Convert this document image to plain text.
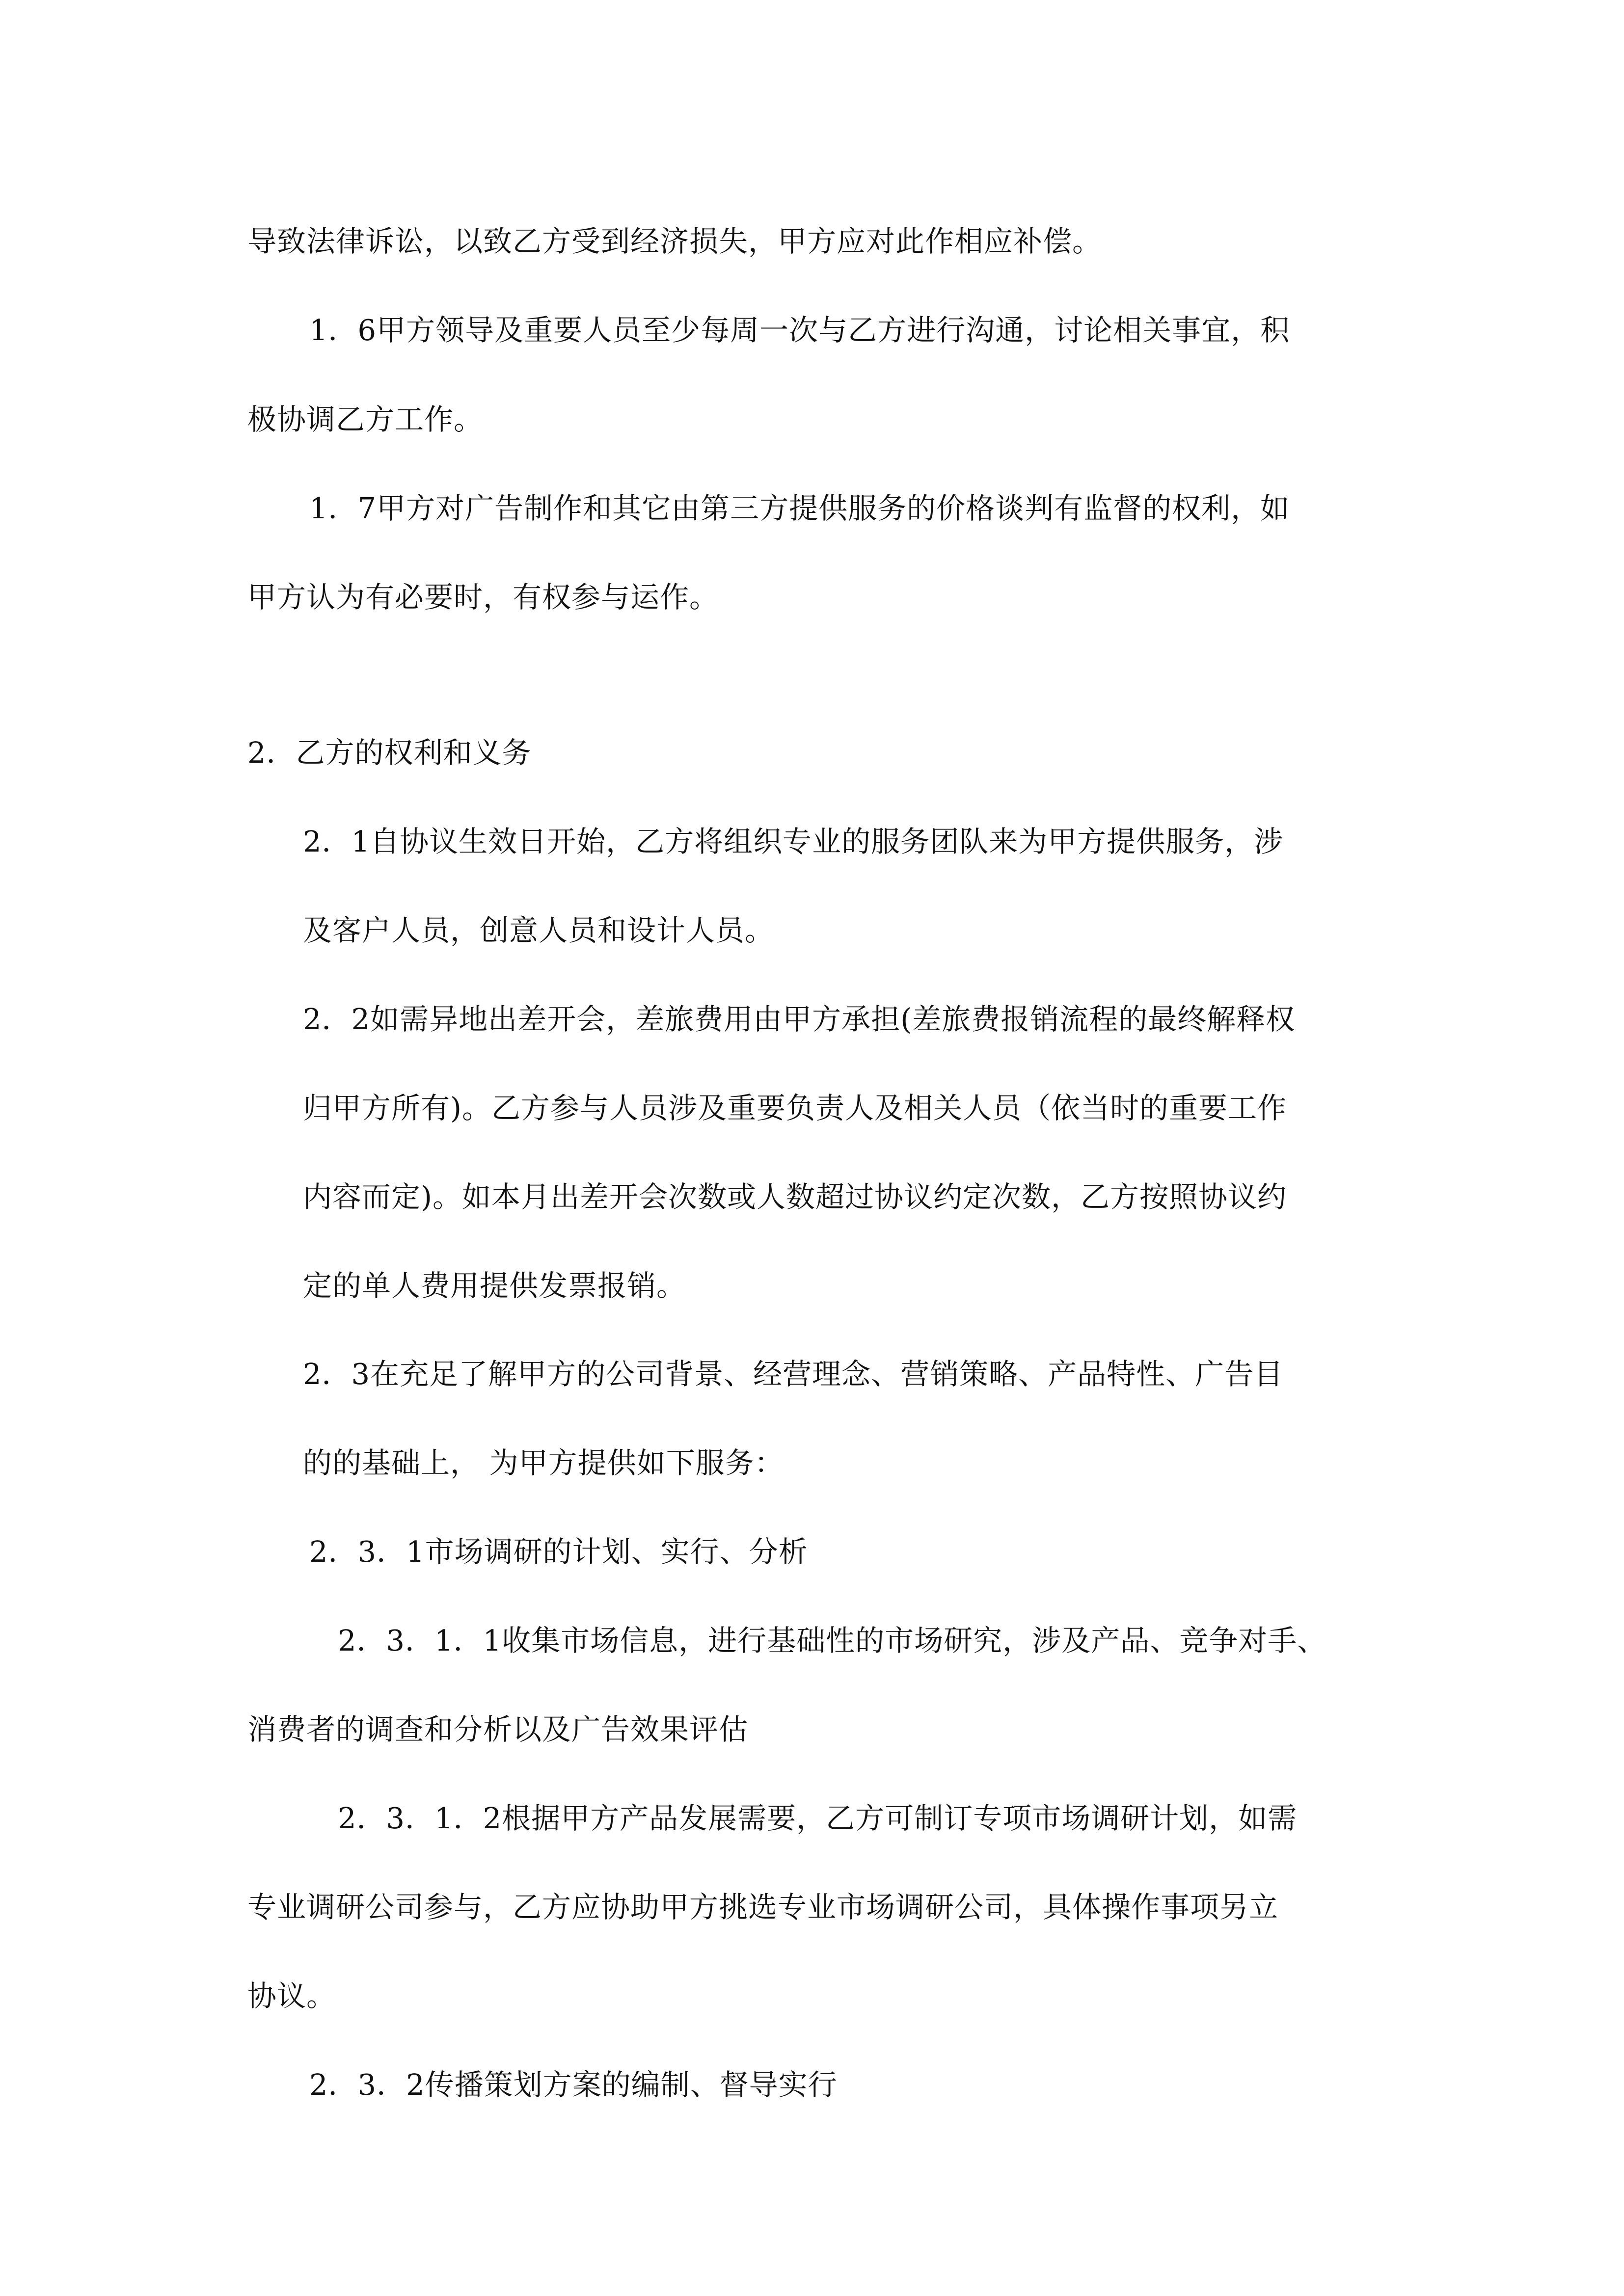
导致法律诉讼，以致乙方受到经济损失，甲方应对此作相应补偿。
1．6甲方领导及重要人员至少每周一次与乙方进行沟通，讨论相关事宜，积
极协调乙方工作。
1．7甲方对广告制作和其它由第三方提供服务的价格谈判有监督的权利，如
甲方认为有必要时，有权参与运作。
2．乙方的权利和义务
2．1自协议生效日开始，乙方将组织专业的服务团队来为甲方提供服务，涉
及客户人员，创意人员和设计人员。
2．2如需异地出差开会，差旅费用由甲方承担(差旅费报销流程的最终解释权
归甲方所有)。乙方参与人员涉及重要负责人及相关人员（依当时的重要工作
内容而定)。如本月出差开会次数或人数超过协议约定次数，乙方按照协议约
定的单人费用提供发票报销。
2．3在充足了解甲方的公司背景、经营理念、营销策略、产品特性、广告目
的的基础上， 为甲方提供如下服务：
2．3．1市场调研的计划、实行、分析
2．3．1．1收集市场信息，进行基础性的市场研究，涉及产品、竞争对手、
消费者的调查和分析以及广告效果评估
2．3．1．2根据甲方产品发展需要，乙方可制订专项市场调研计划，如需
专业调研公司参与，乙方应协助甲方挑选专业市场调研公司，具体操作事项另立
协议。
2．3．2传播策划方案的编制、督导实行
